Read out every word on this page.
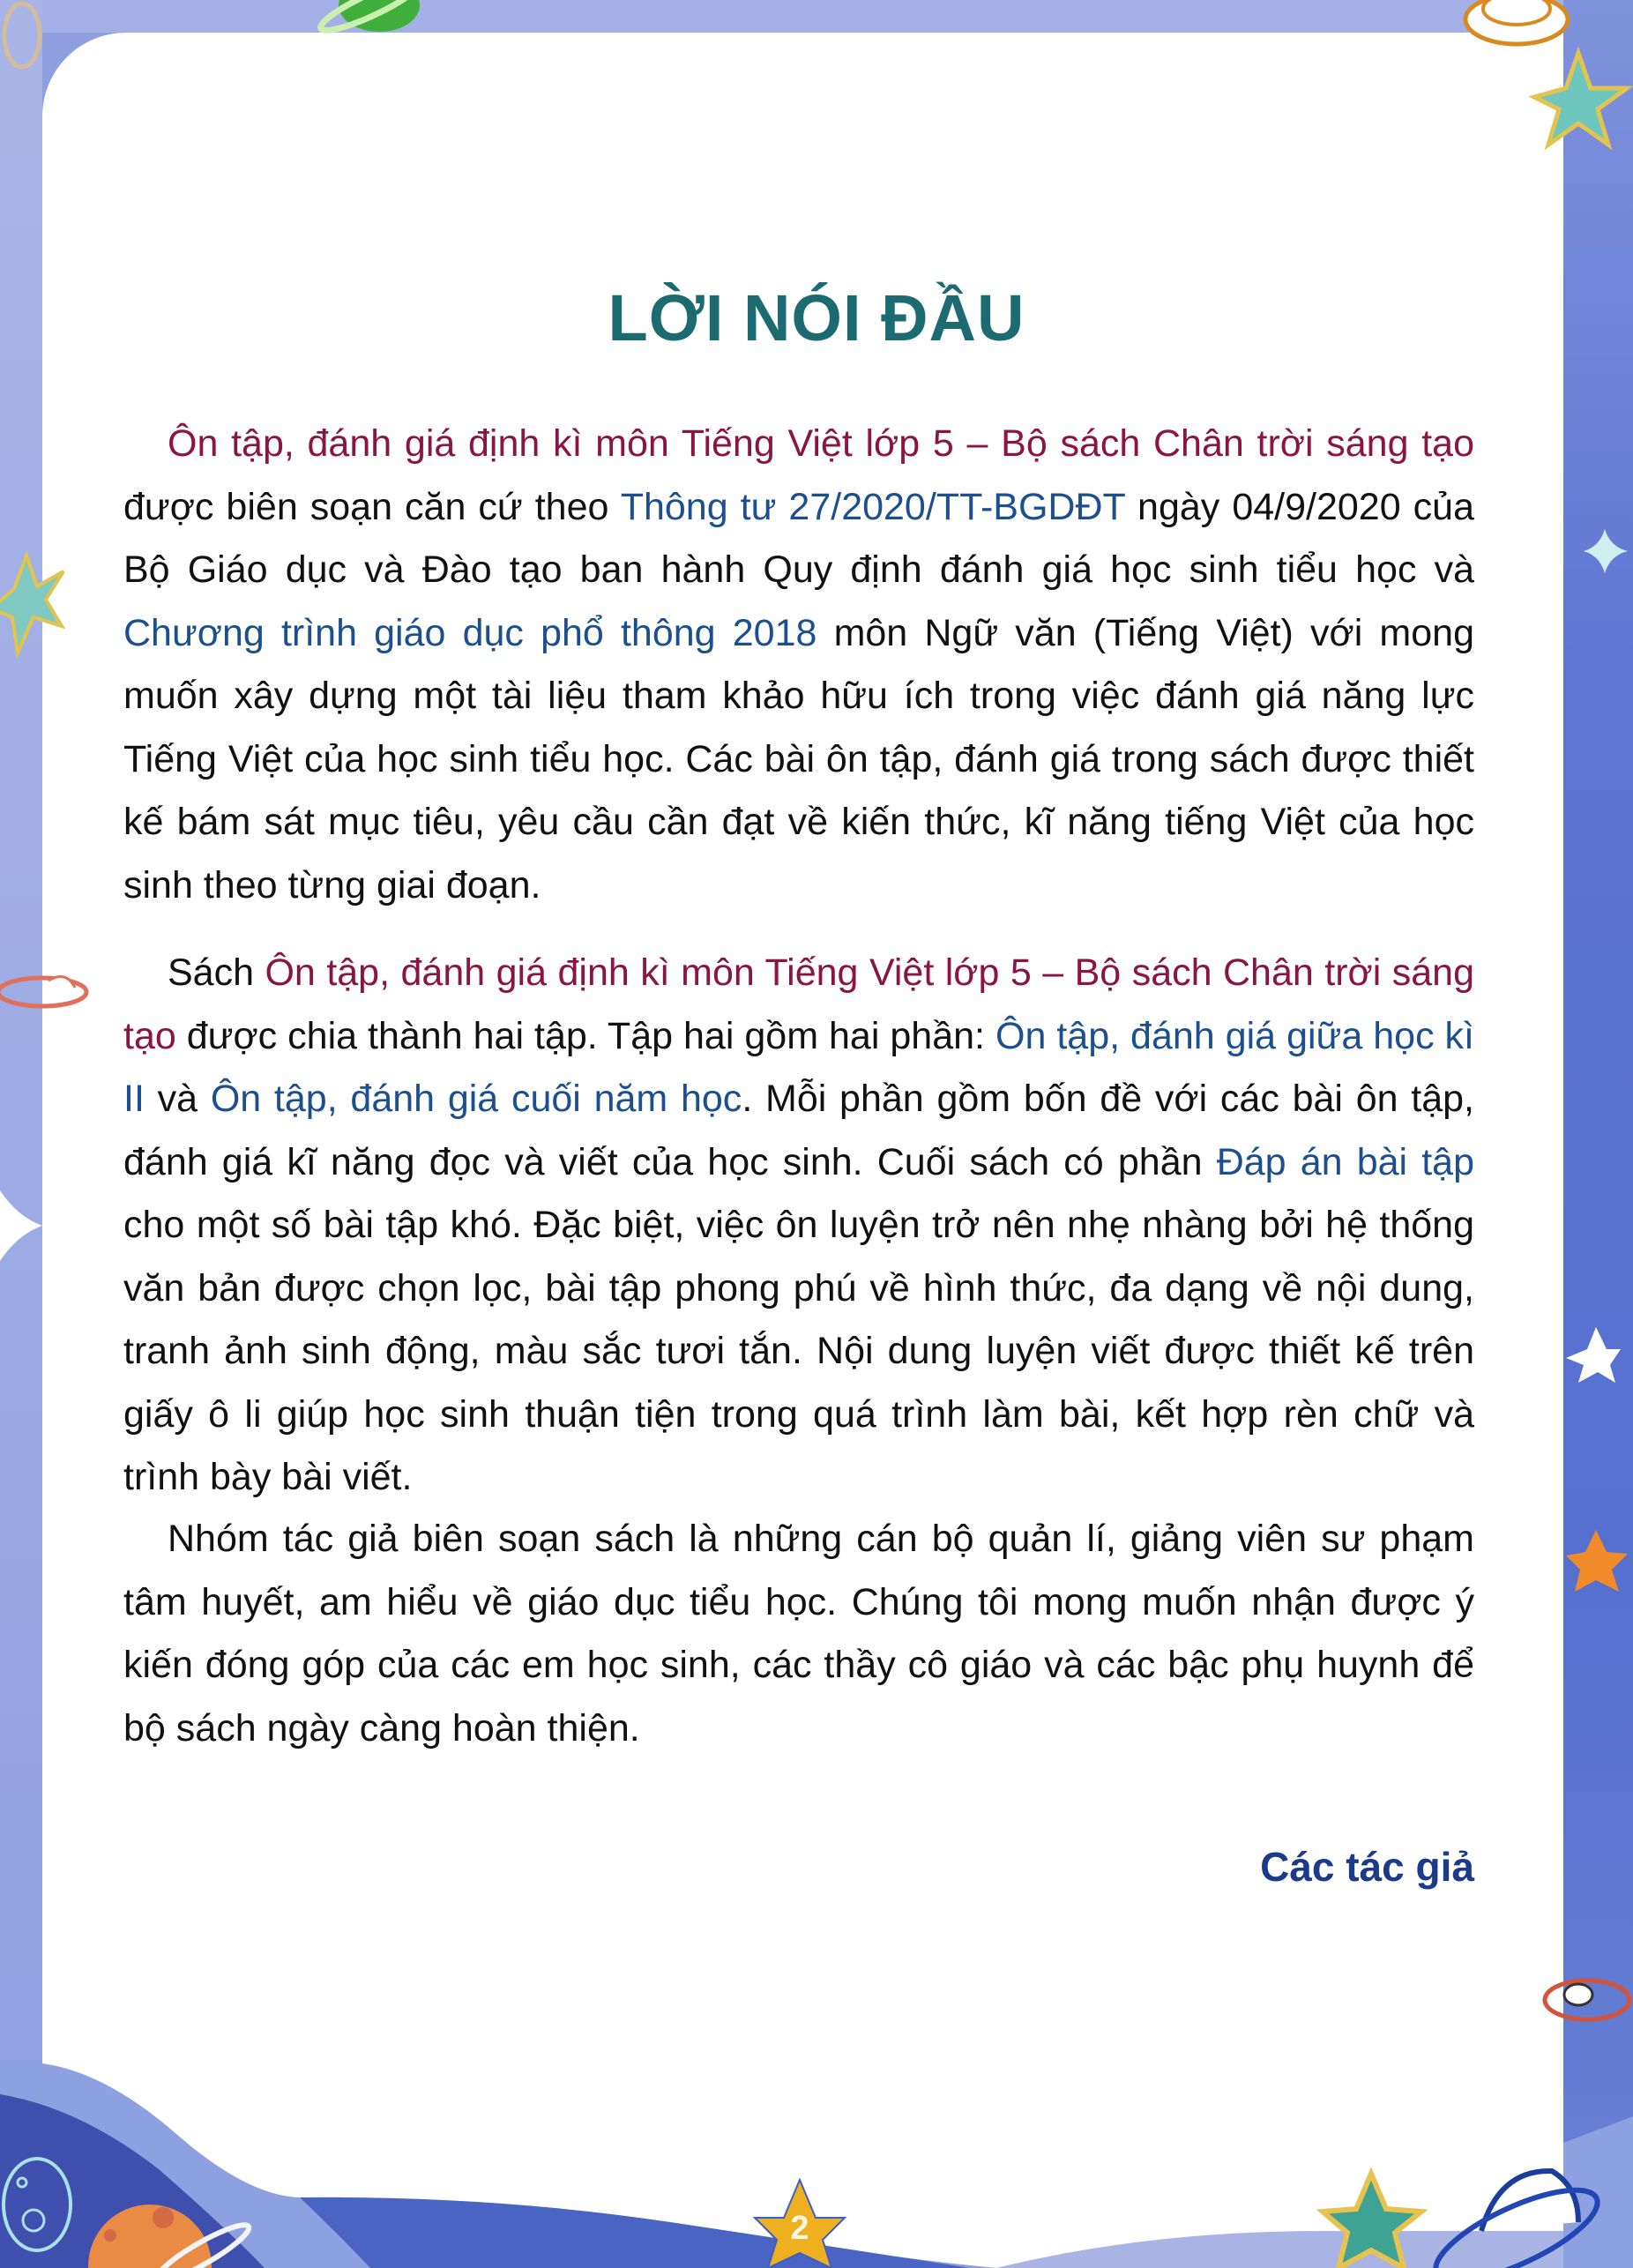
LỜI NÓI ĐẦU

Ôn tập, đánh giá định kì môn Tiếng Việt lớp 5 – Bộ sách Chân trời sáng tạo được biên soạn căn cứ theo Thông tư 27/2020/TT-BGDĐT ngày 04/9/2020 của Bộ Giáo dục và Đào tạo ban hành Quy định đánh giá học sinh tiểu học và Chương trình giáo dục phổ thông 2018 môn Ngữ văn (Tiếng Việt) với mong muốn xây dựng một tài liệu tham khảo hữu ích trong việc đánh giá năng lực Tiếng Việt của học sinh tiểu học. Các bài ôn tập, đánh giá trong sách được thiết kế bám sát mục tiêu, yêu cầu cần đạt về kiến thức, kĩ năng tiếng Việt của học sinh theo từng giai đoạn.

Sách Ôn tập, đánh giá định kì môn Tiếng Việt lớp 5 – Bộ sách Chân trời sáng tạo được chia thành hai tập. Tập hai gồm hai phần: Ôn tập, đánh giá giữa học kì II và Ôn tập, đánh giá cuối năm học. Mỗi phần gồm bốn đề với các bài ôn tập, đánh giá kĩ năng đọc và viết của học sinh. Cuối sách có phần Đáp án bài tập cho một số bài tập khó. Đặc biệt, việc ôn luyện trở nên nhẹ nhàng bởi hệ thống văn bản được chọn lọc, bài tập phong phú về hình thức, đa dạng về nội dung, tranh ảnh sinh động, màu sắc tươi tắn. Nội dung luyện viết được thiết kế trên giấy ô li giúp học sinh thuận tiện trong quá trình làm bài, kết hợp rèn chữ và trình bày bài viết.

Nhóm tác giả biên soạn sách là những cán bộ quản lí, giảng viên sư phạm tâm huyết, am hiểu về giáo dục tiểu học. Chúng tôi mong muốn nhận được ý kiến đóng góp của các em học sinh, các thầy cô giáo và các bậc phụ huynh để bộ sách ngày càng hoàn thiện.

Các tác giả
2
